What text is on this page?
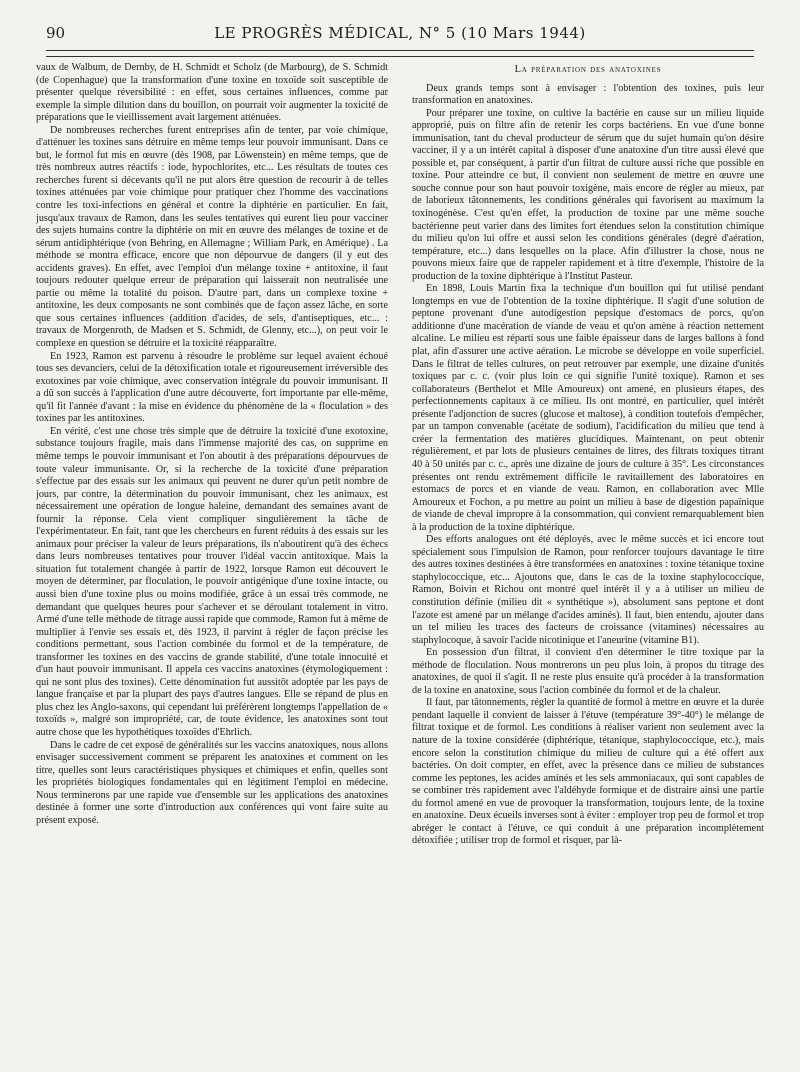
90	LE PROGRÈS MÉDICAL, N° 5 (10 Mars 1944)

vaux de Walbum, de Dernby, de H. Schmidt et Scholz (de Marbourg), de S. Schmidt (de Copenhague) que la transformation d'une toxine en toxoïde soit susceptible de présenter quelque réversibilité : en effet, sous certaines influences, comme par exemple la simple dilution dans du bouillon, on pourrait voir augmenter la toxicité de préparations que le vieillissement avait largement atténuées.

De nombreuses recherches furent entreprises afin de tenter, par voie chimique, d'atténuer les toxines sans détruire en même temps leur pouvoir immunisant. Dans ce but, le formol fut mis en œuvre (dès 1908, par Löwenstein) en même temps, que de très nombreux autres réactifs : iode, hypochlorites, etc... Les résultats de toutes ces recherches furent si décevants qu'il ne put alors être question de recourir à de telles toxines atténuées par voie chimique pour pratiquer chez l'homme des vaccinations contre les toxi-infections en général et contre la diphtérie en particulier. En fait, jusqu'aux travaux de Ramon, dans les seules tentatives qui eurent lieu pour vacciner des sujets humains contre la diphtérie on mit en œuvre des mélanges de toxine et de sérum antidiphtérique (von Behring, en Allemagne ; William Park, en Amérique) . La méthode se montra efficace, encore que non dépourvue de dangers (il y eut des accidents graves). En effet, avec l'emploi d'un mélange toxine + antitoxine, il faut toujours redouter quelque erreur de préparation qui laisserait non neutralisée une partie ou même la totalité du poison. D'autre part, dans un complexe toxine + antitoxine, les deux composants ne sont combinés que de façon assez lâche, en sorte que sous certaines influences (addition d'acides, de sels, d'antiseptiques, etc... : travaux de Morgenroth, de Madsen et S. Schmidt, de Glenny, etc...), on peut voir le complexe en question se détruire et la toxicité réapparaître.

En 1923, Ramon est parvenu à résoudre le problème sur lequel avaient échoué tous ses devanciers, celui de la détoxification totale et rigoureusement irréversible des exotoxines par voie chimique, avec conservation intégrale du pouvoir immunisant. Il a dû son succès à l'application d'une autre découverte, fort importante par elle-même, qu'il fit l'année d'avant : la mise en évidence du phénomène de la « floculation » des toxines par les antitoxines.

En vérité, c'est une chose très simple que de détruire la toxicité d'une exotoxine, substance toujours fragile, mais dans l'immense majorité des cas, on supprime en même temps le pouvoir immunisant et l'on aboutit à des préparations dépourvues de toute valeur immunisante. Or, si la recherche de la toxicité d'une préparation s'effectue par des essais sur les animaux qui peuvent ne durer qu'un petit nombre de jours, par contre, la détermination du pouvoir immunisant, chez les animaux, est nécessairement une opération de longue haleine, demandant des semaines avant de fournir la réponse. Cela vient compliquer singulièrement la tâche de l'expérimentateur. En fait, tant que les chercheurs en furent réduits à des essais sur les animaux pour préciser la valeur de leurs préparations, ils n'aboutirent qu'à des échecs dans leurs nombreuses tentatives pour trouver l'idéal vaccin antitoxique. Mais la situation fut totalement changée à partir de 1922, lorsque Ramon eut découvert le moyen de déterminer, par floculation, le pouvoir antigénique d'une toxine intacte, ou aussi bien d'une toxine plus ou moins modifiée, grâce à un essai très commode, ne demandant que quelques heures pour s'achever et se déroulant totalement in vitro. Armé d'une telle méthode de titrage aussi rapide que commode, Ramon fut à même de multiplier à l'envie ses essais et, dès 1923, il parvint à régler de façon précise les conditions permettant, sous l'action combinée du formol et de la température, de transformer les toxines en des vaccins de grande stabilité, d'une totale innocuité et d'un haut pouvoir immunisant. Il appela ces vaccins anatoxines (étymologiquement : qui ne sont plus des toxines). Cette dénomination fut aussitôt adoptée par les pays de langue française et par la plupart des pays d'autres langues. Elle se répand de plus en plus chez les Anglo-saxons, qui cependant lui préférèrent longtemps l'appellation de « toxoïds », malgré son impropriété, car, de toute évidence, les anatoxines sont tout autre chose que les hypothétiques toxoïdes d'Ehrlich.

Dans le cadre de cet exposé de généralités sur les vaccins anatoxiques, nous allons envisager successivement comment se préparent les anatoxines et comment on les titre, quelles sont leurs caractéristiques physiques et chimiques et enfin, quelles sont les propriétés biologiques fondamentales qui en légitiment l'emploi en médecine. Nous terminerons par une rapide vue d'ensemble sur les applications des anatoxines destinée à former une sorte d'introduction aux conférences qui vont faire suite au présent exposé.

La préparation des anatoxines

Deux grands temps sont à envisager : l'obtention des toxines, puis leur transformation en anatoxines.

Pour préparer une toxine, on cultive la bactérie en cause sur un milieu liquide approprié, puis on filtre afin de retenir les corps bactériens. En vue d'une bonne immunisation, tant du cheval producteur de sérum que du sujet humain qu'on désire vacciner, il y a un intérêt capital à disposer d'une anatoxine d'un titre aussi élevé que possible et, par conséquent, à partir d'un filtrat de culture aussi riche que possible en toxine. Pour atteindre ce but, il convient non seulement de mettre en œuvre une souche connue pour son haut pouvoir toxigène, mais encore de régler au mieux, par de laborieux tâtonnements, les conditions générales qui favorisent au maximum la toxinogénèse. C'est qu'en effet, la production de toxine par une même souche bactérienne peut varier dans des limites fort étendues selon la constitution chimique du milieu qu'on lui offre et aussi selon les conditions générales (degré d'aération, température, etc...) dans lesquelles on la place. Afin d'illustrer la chose, nous ne pouvons mieux faire que de rappeler rapidement et à titre d'exemple, l'histoire de la production de la toxine diphtérique à l'Institut Pasteur.

En 1898, Louis Martin fixa la technique d'un bouillon qui fut utilisé pendant longtemps en vue de l'obtention de la toxine diphtérique. Il s'agit d'une solution de peptone provenant d'une autodigestion pepsique d'estomacs de porcs, qu'on additionne d'une macération de viande de veau et qu'on amène à réaction nettement alcaline. Le milieu est réparti sous une faible épaisseur dans de larges ballons à fond plat, afin d'assurer une active aération. Le microbe se développe en voile superficiel. Dans le filtrat de telles cultures, on peut retrouver par exemple, une dizaine d'unités toxiques par c. c. (voir plus loin ce qui signifie l'unité toxique). Ramon et ses collaborateurs (Berthelot et Mlle Amoureux) ont amené, en plusieurs étapes, des perfectionnements capitaux à ce milieu. Ils ont montré, en particulier, quel intérêt présente l'adjonction de sucres (glucose et maltose), à condition toutefois d'empêcher, par un tampon convenable (acétate de sodium), l'acidification du milieu que tend à créer la fermentation des matières glucidiques. Maintenant, on peut obtenir régulièrement, et par lots de plusieurs centaines de litres, des filtrats toxiques titrant 40 à 50 unités par c. c., après une dizaine de jours de culture à 35°. Les circonstances présentes ont rendu extrêmement difficile le ravitaillement des laboratoires en estomacs de porcs et en viande de veau. Ramon, en collaboration avec Mlle Amoureux et Fochon, a pu mettre au point un milieu à base de digestion papaïnique de viande de cheval impropre à la consommation, qui convient remarquablement bien à la production de la toxine diphtérique.

Des efforts analogues ont été déployés, avec le même succès et ici encore tout spécialement sous l'impulsion de Ramon, pour renforcer toujours davantage le titre des autres toxines destinées à être transformées en anatoxines : toxine tétanique toxine staphylococcique, etc... Ajoutons que, dans le cas de la toxine staphylococcique, Ramon, Boivin et Richou ont montré quel intérêt il y a à utiliser un milieu de constitution définie (milieu dit « synthétique »), absolument sans peptone et dont l'azote est amené par un mélange d'acides aminés). Il faut, bien entendu, ajouter dans un tel milieu les traces des facteurs de croissance (vitamines) nécessaires au staphylocoque, à savoir l'acide nicotinique et l'aneurine (vitamine B1).

En possession d'un filtrat, il convient d'en déterminer le titre toxique par la méthode de floculation. Nous montrerons un peu plus loin, à propos du titrage des anatoxines, de quoi il s'agit. Il ne reste plus ensuite qu'à procéder à la transformation de la toxine en anatoxine, sous l'action combinée du formol et de la chaleur.

Il faut, par tâtonnements, régler la quantité de formol à mettre en œuvre et la durée pendant laquelle il convient de laisser à l'étuve (température 39°-40°) le mélange de filtrat toxique et de formol. Les conditions à réaliser varient non seulement avec la nature de la toxine considérée (diphtérique, tétanique, staphylococcique, etc.), mais encore selon la constitution chimique du milieu de culture qui a été offert aux bactéries. On doit compter, en effet, avec la présence dans ce milieu de substances comme les peptones, les acides aminés et les sels ammoniacaux, qui sont capables de se combiner très rapidement avec l'aldéhyde formique et de distraire ainsi une partie du formol amené en vue de provoquer la transformation, toujours lente, de la toxine en anatoxine. Deux écueils inverses sont à éviter : employer trop peu de formol et trop abréger le contact à l'étuve, ce qui conduit à une préparation incomplètement détoxifiée ; utiliser trop de formol et risquer, par là-
